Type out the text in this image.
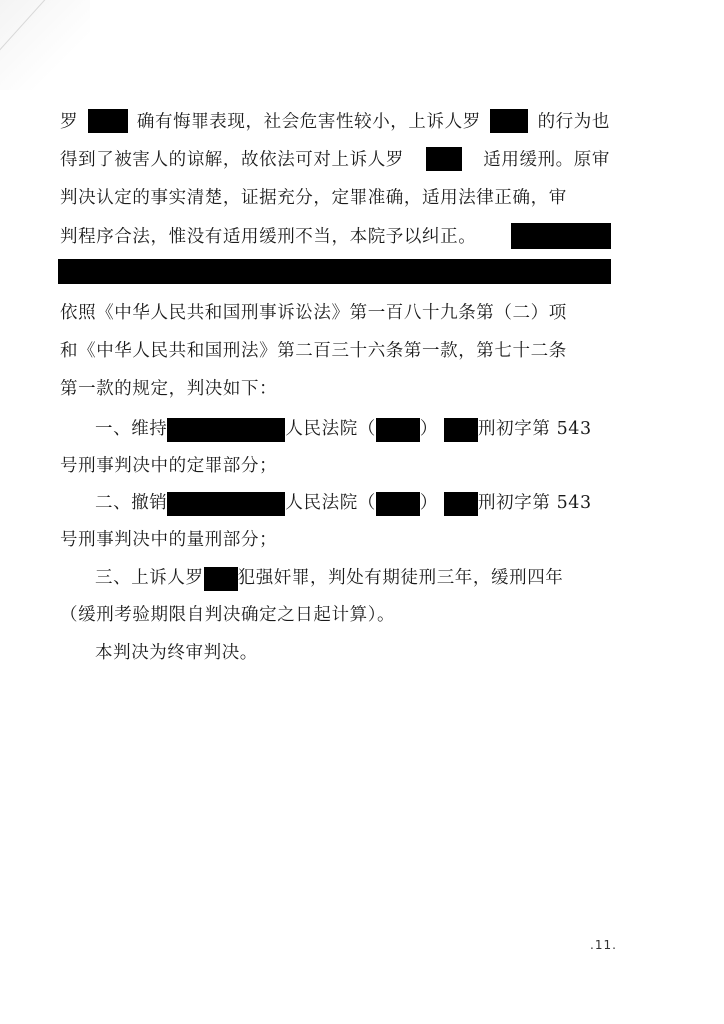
罗	确有悔罪表现，社会危害性较小，上诉人罗	的行为也
得到了被害人的谅解，故依法可对上诉人罗	适用缓刑。原审
判决认定的事实清楚，证据充分，定罪准确，适用法律正确，审
判程序合法，惟没有适用缓刑不当，本院予以纠正。
依照《中华人民共和国刑事诉讼法》第一百八十九条第（二）项
和《中华人民共和国刑法》第二百三十六条第一款，第七十二条
第一款的规定，判决如下：
一、维持	人民法院（	） 刑初字第 543
号刑事判决中的定罪部分；
二、撤销	人民法院（	） 刑初字第 543
号刑事判决中的量刑部分；
三、上诉人罗 犯强奸罪，判处有期徒刑三年，缓刑四年
（缓刑考验期限自判决确定之日起计算）。
本判决为终审判决。
.11.
